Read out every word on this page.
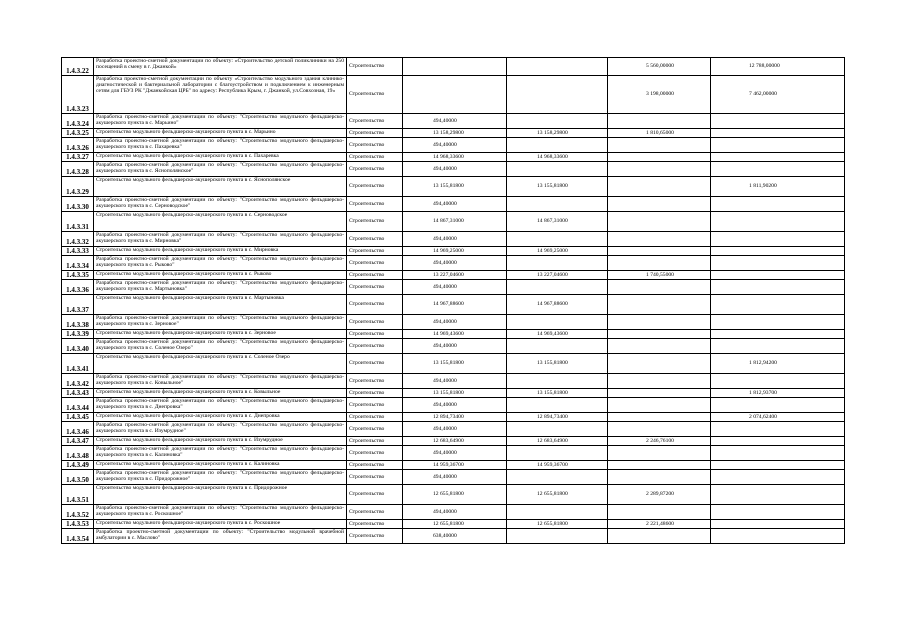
1.4.3.22	Разработка проектно-сметной документации по объекту: «Строительство детской поликлиники на 250 посещений в смену в г. Джанкой»	Строительство			5 560,00000	12 788,00000
1.4.3.23	Разработка проектно-сметной документации по объекту «Строительство модульного здания клинико-диагностической и бактериальной лаборатории с благоустройством и подключением к инженерным сетям для ГБУЗ РК "Джанкойская ЦРБ" по адресу: Республика Крым, г. Джанкой, ул.Совхозная, 19»	Строительство			3 198,00000	7 462,00000
1.4.3.24	Разработка проектно-сметной документации по объекту: "Строительство модульного фельдшерско-акушерского пункта в с. Марьино"	Строительство	494,40000			
1.4.3.25	Строительство модульного фельдшерско-акушерского пункта в с. Марьино	Строительство	13 158,29800	13 158,29800	1 810,65000	
1.4.3.26	Разработка проектно-сметной документации по объекту: "Строительство модульного фельдшерско-акушерского пункта в с. Пахаревка"	Строительство	494,40000			
1.4.3.27	Строительство модульного фельдшерско-акушерского пункта в с. Пахаревка	Строительство	14 968,33600	14 968,33600		
1.4.3.28	Разработка проектно-сметной документации по объекту: "Строительство модульного фельдшерско-акушерского пункта в с. Яснополянское"	Строительство	494,40000			
1.4.3.29	Строительство модульного фельдшерско-акушерского пункта в с. Яснополянское	Строительство	13 155,81800	13 155,81800		1 811,90200
1.4.3.30	Разработка проектно-сметной документации по объекту: "Строительство модульного фельдшерско-акушерского пункта в с. Серноводское"	Строительство	494,40000			
1.4.3.31	Строительство модульного фельдшерско-акушерского пункта в с. Серноводское	Строительство	14 867,31000	14 867,31000		
1.4.3.32	Разработка проектно-сметной документации по объекту: "Строительство модульного фельдшерско-акушерского пункта в с. Мирновка"	Строительство	494,40000			
1.4.3.33	Строительство модульного фельдшерско-акушерского пункта в с. Мирновка	Строительство	14 969,25000	14 969,25000		
1.4.3.34	Разработка проектно-сметной документации по объекту: "Строительство модульного фельдшерско-акушерского пункта в с. Рыково"	Строительство	494,40000			
1.4.3.35	Строительство модульного фельдшерско-акушерского пункта в с. Рыково	Строительство	13 227,04600	13 227,04600	1 740,55000	
1.4.3.36	Разработка проектно-сметной документации по объекту: "Строительство модульного фельдшерско-акушерского пункта в с. Мартыновка"	Строительство	494,40000			
1.4.3.37	Строительство модульного фельдшерско-акушерского пункта в с. Мартыновка	Строительство	14 967,88600	14 967,88600		
1.4.3.38	Разработка проектно-сметной документации по объекту: "Строительство модульного фельдшерско-акушерского пункта в с. Зерновое"	Строительство	494,40000			
1.4.3.39	Строительство модульного фельдшерско-акушерского пункта в с. Зерновое	Строительство	14 969,43600	14 969,43600		
1.4.3.40	Разработка проектно-сметной документации по объекту: "Строительство модульного фельдшерско-акушерского пункта в с. Соленое Озеро"	Строительство	494,40000			
1.4.3.41	Строительство модульного фельдшерско-акушерского пункта в с. Соленое Озеро	Строительство	13 155,81800	13 155,81800		1 812,94200
1.4.3.42	Разработка проектно-сметной документации по объекту: "Строительство модульного фельдшерско-акушерского пункта в с. Ковыльное"	Строительство	494,40000			
1.4.3.43	Строительство модульного фельдшерско-акушерского пункта в с. Ковыльное	Строительство	13 155,81800	13 155,81800		1 812,93700
1.4.3.44	Разработка проектно-сметной документации по объекту: "Строительство модульного фельдшерско-акушерского пункта в с. Днепровка"	Строительство	494,40000			
1.4.3.45	Строительство модульного фельдшерско-акушерского пункта в с. Днепровка	Строительство	12 894,73400	12 894,73400		2 074,62400
1.4.3.46	Разработка проектно-сметной документации по объекту: "Строительство модульного фельдшерско-акушерского пункта в с. Изумрудное"	Строительство	494,40000			
1.4.3.47	Строительство модульного фельдшерско-акушерского пункта в с. Изумрудное	Строительство	12 683,64900	12 683,64900	2 246,76100	
1.4.3.48	Разработка проектно-сметной документации по объекту: "Строительство модульного фельдшерско-акушерского пункта в с. Калиновка"	Строительство	494,40000			
1.4.3.49	Строительство модульного фельдшерско-акушерского пункта в с. Калиновка	Строительство	14 959,36700	14 959,36700		
1.4.3.50	Разработка проектно-сметной документации по объекту: "Строительство модульного фельдшерско-акушерского пункта в с. Придорожное"	Строительство	494,40000			
1.4.3.51	Строительство модульного фельдшерско-акушерского пункта в с. Придорожное	Строительство	12 655,81800	12 655,81800	2 289,87200	
1.4.3.52	Разработка проектно-сметной документации по объекту: "Строительство модульного фельдшерско-акушерского пункта в с. Роскошное"	Строительство	494,40000			
1.4.3.53	Строительство модульного фельдшерско-акушерского пункта в с. Роскошное	Строительство	12 655,81800	12 655,81800	2 221,48600	
1.4.3.54	Разработка проектно-сметной документации по объекту: "Строительство модульной врачебной амбулатории в с. Маслово"	Строительство	638,40000			
